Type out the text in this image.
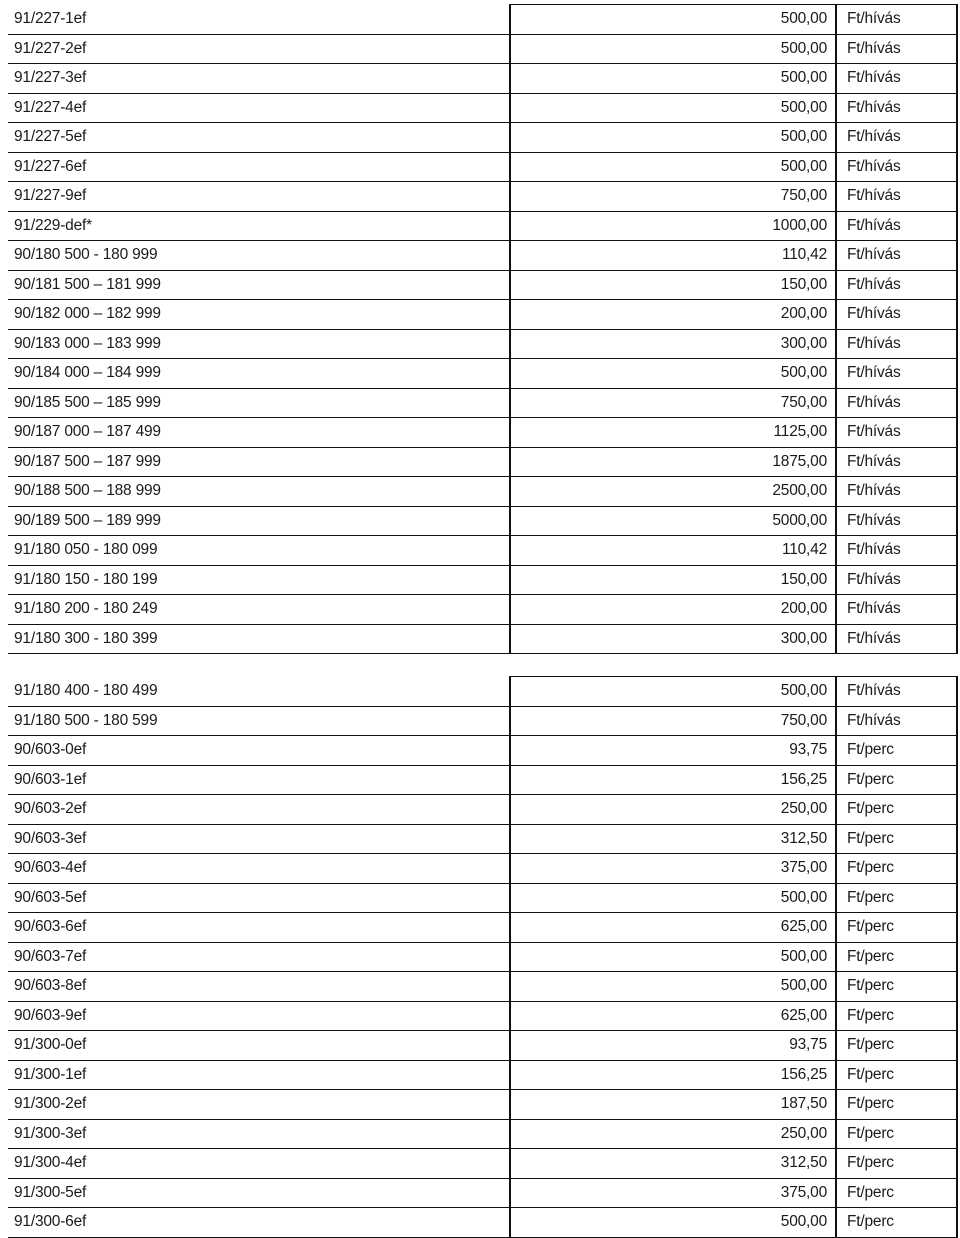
91/227-1ef	500,00	Ft/hívás
91/227-2ef	500,00	Ft/hívás
91/227-3ef	500,00	Ft/hívás
91/227-4ef	500,00	Ft/hívás
91/227-5ef	500,00	Ft/hívás
91/227-6ef	500,00	Ft/hívás
91/227-9ef	750,00	Ft/hívás
91/229-def*	1000,00	Ft/hívás
90/180 500 - 180 999	110,42	Ft/hívás
90/181 500 – 181 999	150,00	Ft/hívás
90/182 000 – 182 999	200,00	Ft/hívás
90/183 000 – 183 999	300,00	Ft/hívás
90/184 000 – 184 999	500,00	Ft/hívás
90/185 500 – 185 999	750,00	Ft/hívás
90/187 000 – 187 499	1125,00	Ft/hívás
90/187 500 – 187 999	1875,00	Ft/hívás
90/188 500 – 188 999	2500,00	Ft/hívás
90/189 500 – 189 999	5000,00	Ft/hívás
91/180 050 - 180 099	110,42	Ft/hívás
91/180 150 - 180 199	150,00	Ft/hívás
91/180 200 - 180 249	200,00	Ft/hívás
91/180 300 - 180 399	300,00	Ft/hívás
91/180 400 - 180 499	500,00	Ft/hívás
91/180 500 - 180 599	750,00	Ft/hívás
90/603-0ef	93,75	Ft/perc
90/603-1ef	156,25	Ft/perc
90/603-2ef	250,00	Ft/perc
90/603-3ef	312,50	Ft/perc
90/603-4ef	375,00	Ft/perc
90/603-5ef	500,00	Ft/perc
90/603-6ef	625,00	Ft/perc
90/603-7ef	500,00	Ft/perc
90/603-8ef	500,00	Ft/perc
90/603-9ef	625,00	Ft/perc
91/300-0ef	93,75	Ft/perc
91/300-1ef	156,25	Ft/perc
91/300-2ef	187,50	Ft/perc
91/300-3ef	250,00	Ft/perc
91/300-4ef	312,50	Ft/perc
91/300-5ef	375,00	Ft/perc
91/300-6ef	500,00	Ft/perc
